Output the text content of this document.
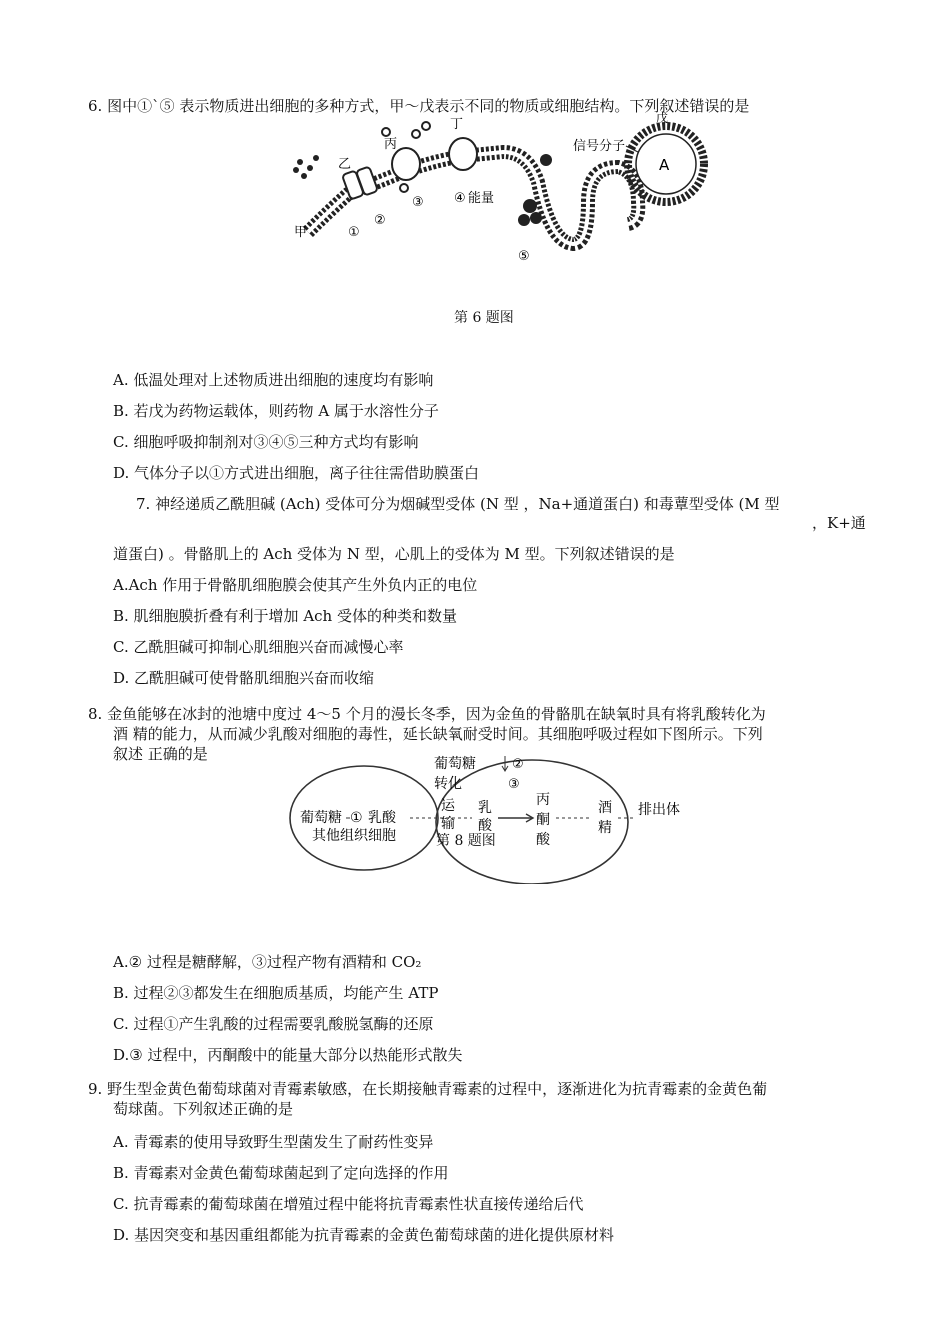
6. 图中①`⑤ 表示物质进出细胞的多种方式，甲～戊表示不同的物质或细胞结构。下列叙述错误的是
A
戊
信号分子
甲
乙
丙
丁
①
②
③ ④ 能量
⑤
第 6 题图
A. 低温处理对上述物质进出细胞的速度均有影响
B. 若戊为药物运载体，则药物 A 属于水溶性分子
C. 细胞呼吸抑制剂对③④⑤三种方式均有影响
D. 气体分子以①方式进出细胞，离子往往需借助膜蛋白
7. 神经递质乙酰胆碱 (Ach) 受体可分为烟碱型受体 (N 型 ，Na+通道蛋白) 和毒蕈型受体 (M 型
，K+通
道蛋白) 。骨骼肌上的 Ach 受体为 N 型，心肌上的受体为 M 型。下列叙述错误的是
A.Ach 作用于骨骼肌细胞膜会使其产生外负内正的电位
B. 肌细胞膜折叠有利于增加 Ach 受体的种类和数量
C. 乙酰胆碱可抑制心肌细胞兴奋而减慢心率
D. 乙酰胆碱可使骨骼肌细胞兴奋而收缩
8. 金鱼能够在冰封的池塘中度过 4～5 个月的漫长冬季，因为金鱼的骨骼肌在缺氧时具有将乳酸转化为
酒 精的能力，从而减少乳酸对细胞的毒性，延长缺氧耐受时间。其细胞呼吸过程如下图所示。下列
叙述 正确的是
葡萄糖 ① 乳酸
其他组织细胞
葡萄糖
转化
②
③
运
输
乳
酸
丙
酮
酸
酒
精
排出体
第 8 题图
A.② 过程是糖酵解，③过程产物有酒精和 CO₂
B. 过程②③都发生在细胞质基质，均能产生 ATP
C. 过程①产生乳酸的过程需要乳酸脱氢酶的还原
D.③ 过程中，丙酮酸中的能量大部分以热能形式散失
9. 野生型金黄色葡萄球菌对青霉素敏感，在长期接触青霉素的过程中，逐渐进化为抗青霉素的金黄色葡
萄球菌。下列叙述正确的是
A. 青霉素的使用导致野生型菌发生了耐药性变异
B. 青霉素对金黄色葡萄球菌起到了定向选择的作用
C. 抗青霉素的葡萄球菌在增殖过程中能将抗青霉素性状直接传递给后代
D. 基因突变和基因重组都能为抗青霉素的金黄色葡萄球菌的进化提供原材料
